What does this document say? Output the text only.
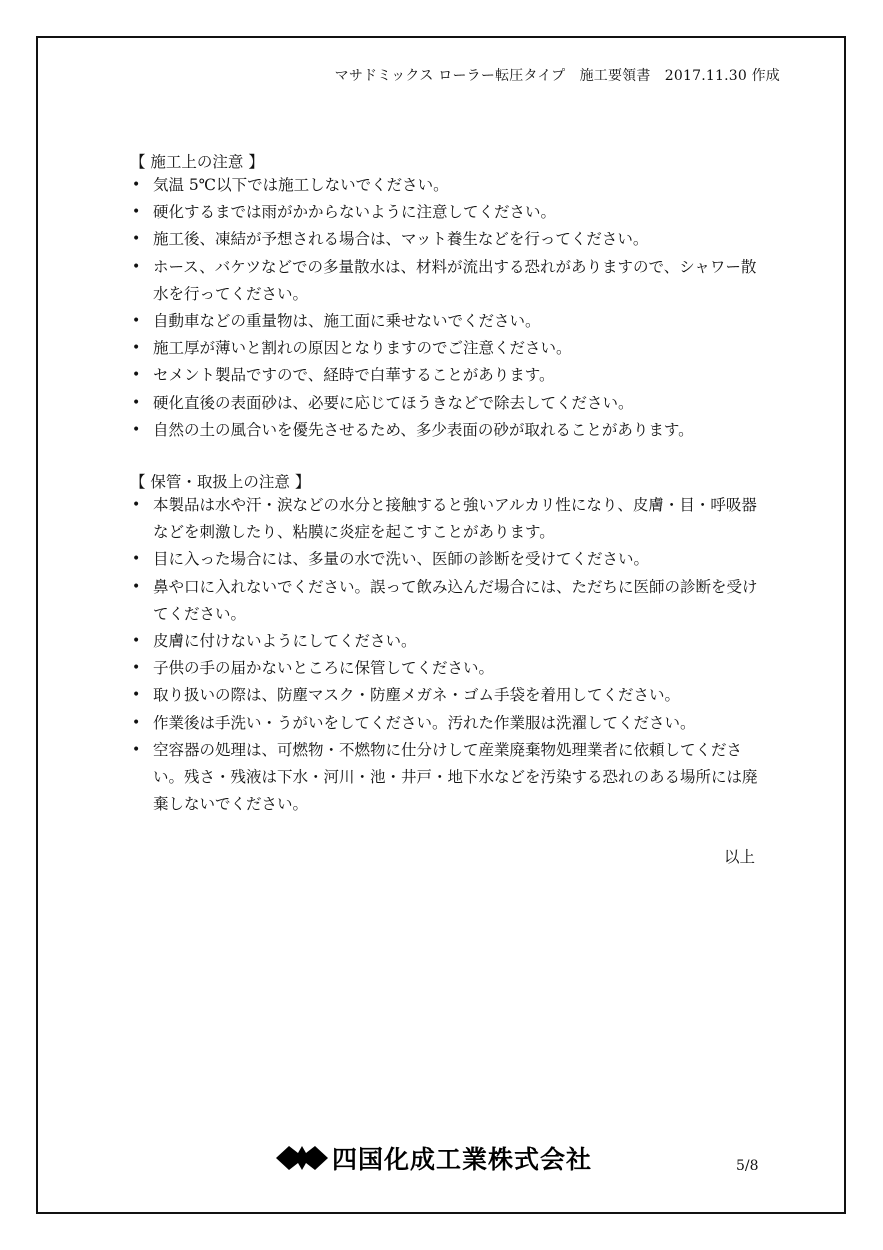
マサドミックス ローラー転圧タイプ　施工要領書　2017.11.30 作成
【 施工上の注意 】
• 気温 5℃以下では施工しないでください。
• 硬化するまでは雨がかからないように注意してください。
• 施工後、凍結が予想される場合は、マット養生などを行ってください。
• ホース、バケツなどでの多量散水は、材料が流出する恐れがありますので、シャワー散水を行ってください。
• 自動車などの重量物は、施工面に乗せないでください。
• 施工厚が薄いと割れの原因となりますのでご注意ください。
• セメント製品ですので、経時で白華することがあります。
• 硬化直後の表面砂は、必要に応じてほうきなどで除去してください。
• 自然の土の風合いを優先させるため、多少表面の砂が取れることがあります。
【 保管・取扱上の注意 】
• 本製品は水や汗・涙などの水分と接触すると強いアルカリ性になり、皮膚・目・呼吸器などを刺激したり、粘膜に炎症を起こすことがあります。
• 目に入った場合には、多量の水で洗い、医師の診断を受けてください。
• 鼻や口に入れないでください。誤って飲み込んだ場合には、ただちに医師の診断を受けてください。
• 皮膚に付けないようにしてください。
• 子供の手の届かないところに保管してください。
• 取り扱いの際は、防塵マスク・防塵メガネ・ゴム手袋を着用してください。
• 作業後は手洗い・うがいをしてください。汚れた作業服は洗濯してください。
• 空容器の処理は、可燃物・不燃物に仕分けして産業廃棄物処理業者に依頼してください。残さ・残液は下水・河川・池・井戸・地下水などを汚染する恐れのある場所には廃棄しないでください。
以上
四国化成工業株式会社	5/8
